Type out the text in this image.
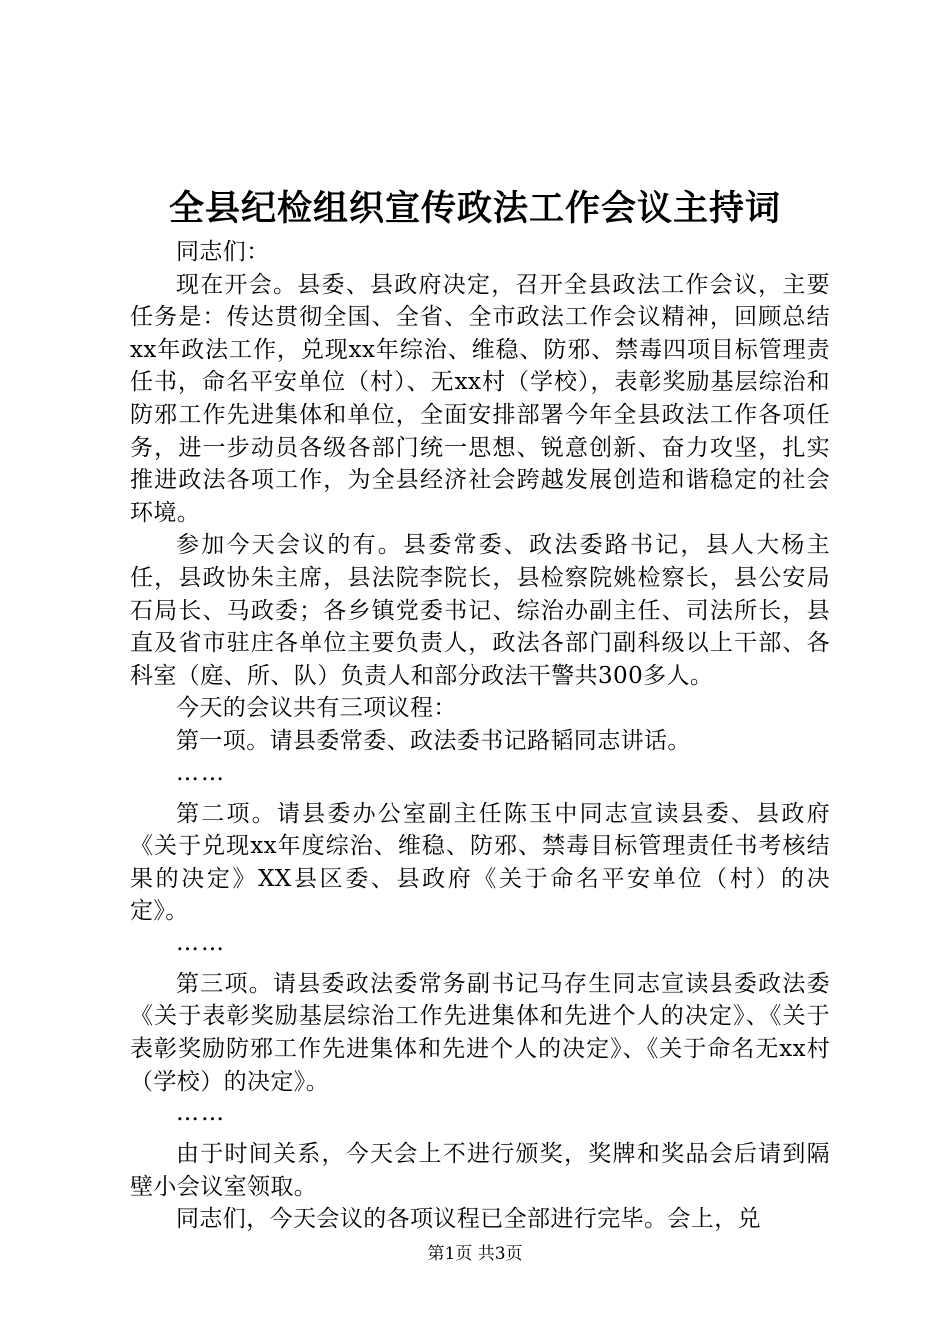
全县纪检组织宣传政法工作会议主持词

同志们：

现在开会。县委、县政府决定，召开全县政法工作会议，主要任务是：传达贯彻全国、全省、全市政法工作会议精神，回顾总结xx年政法工作，兑现xx年综治、维稳、防邪、禁毒四项目标管理责任书，命名平安单位（村）、无xx村（学校），表彰奖励基层综治和防邪工作先进集体和单位，全面安排部署今年全县政法工作各项任务，进一步动员各级各部门统一思想、锐意创新、奋力攻坚，扎实推进政法各项工作，为全县经济社会跨越发展创造和谐稳定的社会环境。

参加今天会议的有。县委常委、政法委路书记，县人大杨主任，县政协朱主席，县法院李院长，县检察院姚检察长，县公安局石局长、马政委；各乡镇党委书记、综治办副主任、司法所长，县直及省市驻庄各单位主要负责人，政法各部门副科级以上干部、各科室（庭、所、队）负责人和部分政法干警共300多人。

今天的会议共有三项议程：

第一项。请县委常委、政法委书记路韬同志讲话。

……

第二项。请县委办公室副主任陈玉中同志宣读县委、县政府《关于兑现xx年度综治、维稳、防邪、禁毒目标管理责任书考核结果的决定》XX县区委、县政府《关于命名平安单位（村）的决定》。

……

第三项。请县委政法委常务副书记马存生同志宣读县委政法委《关于表彰奖励基层综治工作先进集体和先进个人的决定》、《关于表彰奖励防邪工作先进集体和先进个人的决定》、《关于命名无xx村（学校）的决定》。

……

由于时间关系，今天会上不进行颁奖，奖牌和奖品会后请到隔壁小会议室领取。

同志们，今天会议的各项议程已全部进行完毕。会上，兑

第1页 共3页
